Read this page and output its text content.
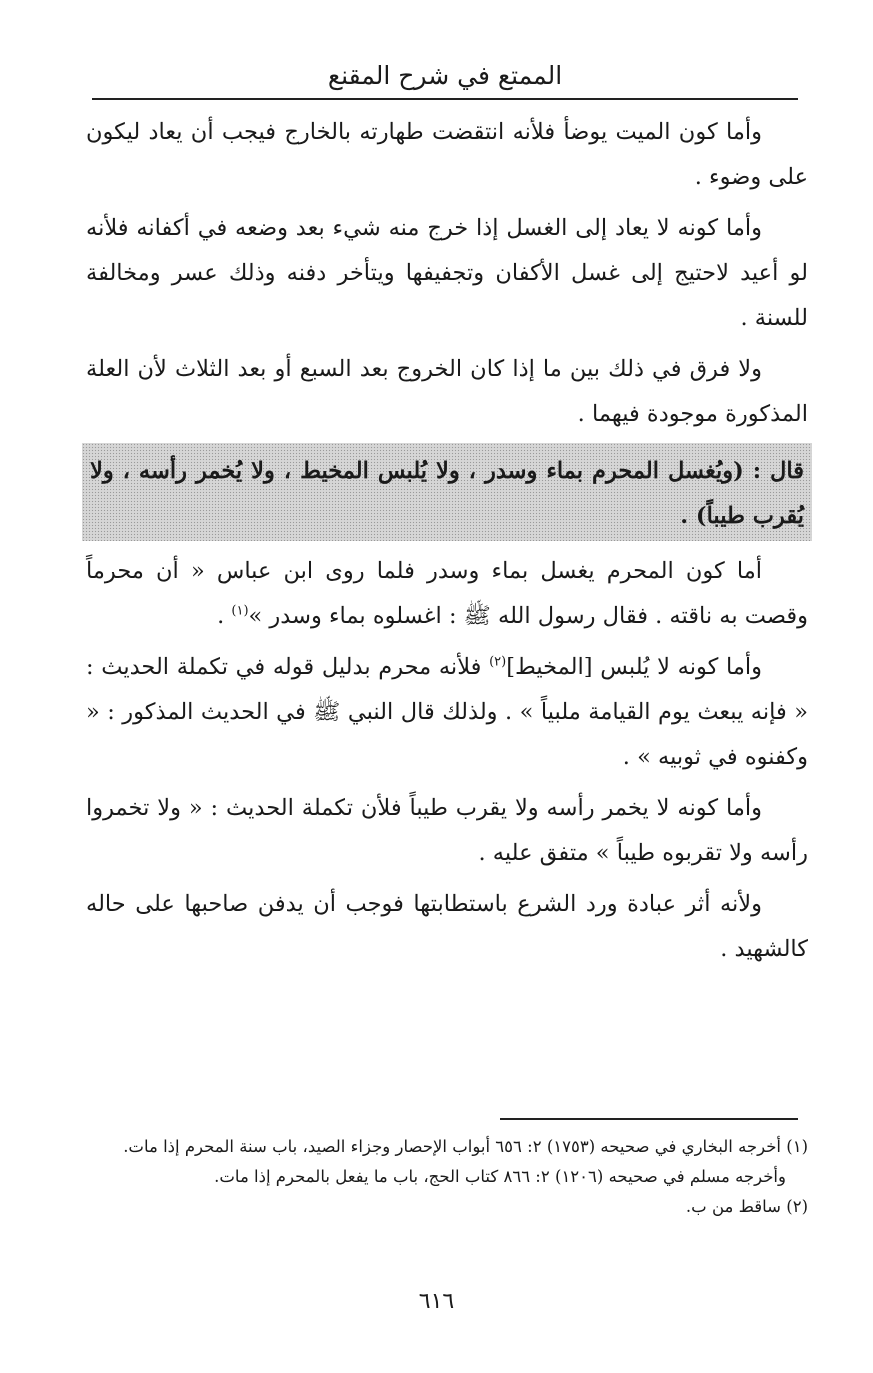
الممتع في شرح المقنع

وأما كون الميت يوضأ فلأنه انتقضت طهارته بالخارج فيجب أن يعاد ليكون على وضوء .

وأما كونه لا يعاد إلى الغسل إذا خرج منه شيء بعد وضعه في أكفانه فلأنه لو أعيد لاحتيج إلى غسل الأكفان وتجفيفها ويتأخر دفنه وذلك عسر ومخالفة للسنة .

ولا فرق في ذلك بين ما إذا كان الخروج بعد السبع أو بعد الثلاث لأن العلة المذكورة موجودة فيهما .

قال : (ويُغسل المحرم بماء وسدر ، ولا يُلبس المخيط ، ولا يُخمر رأسه ، ولا يُقرب طيباً) .

أما كون المحرم يغسل بماء وسدر فلما روى ابن عباس « أن محرماً وقصت به ناقته . فقال رسول الله ﷺ : اغسلوه بماء وسدر »$^{(١)}$ .

وأما كونه لا يُلبس [المخيط]$^{(٢)}$ فلأنه محرم بدليل قوله في تكملة الحديث : « فإنه يبعث يوم القيامة ملبياً » . ولذلك قال النبي ﷺ في الحديث المذكور : « وكفنوه في ثوبيه » .

وأما كونه لا يخمر رأسه ولا يقرب طيباً فلأن تكملة الحديث : « ولا تخمروا رأسه ولا تقربوه طيباً » متفق عليه .

ولأنه أثر عبادة ورد الشرع باستطابتها فوجب أن يدفن صاحبها على حاله كالشهيد .

(١) أخرجه البخاري في صحيحه (١٧٥٣) ٢: ٦٥٦ أبواب الإحصار وجزاء الصيد، باب سنة المحرم إذا مات.

وأخرجه مسلم في صحيحه (١٢٠٦) ٢: ٨٦٦ كتاب الحج، باب ما يفعل بالمحرم إذا مات.

(٢) ساقط من ب.

٦١٦
